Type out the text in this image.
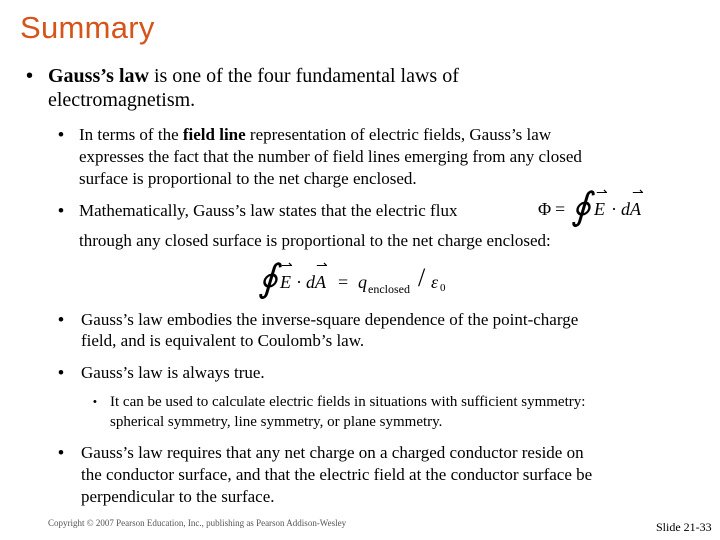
Summary
• Gauss’s law is one of the four fundamental laws of
electromagnetism.
• In terms of the field line representation of electric fields, Gauss’s law
expresses the fact that the number of field lines emerging from any closed
surface is proportional to the net charge enclosed.
• Mathematically, Gauss’s law states that the electric flux	Φ = ∮ ⇀
E ·
⇀
dA
through any closed surface is proportional to the net charge enclosed:
∮ ⇀
E ·
⇀
dA = q enclosed / ε 0
• Gauss’s law embodies the inverse-square dependence of the point-charge
field, and is equivalent to Coulomb’s law.
• Gauss’s law is always true.
• It can be used to calculate electric fields in situations with sufficient symmetry:
spherical symmetry, line symmetry, or plane symmetry.
• Gauss’s law requires that any net charge on a charged conductor reside on
the conductor surface, and that the electric field at the conductor surface be
perpendicular to the surface.
Copyright © 2007 Pearson Education, Inc., publishing as Pearson Addison-Wesley	Slide 21-33
